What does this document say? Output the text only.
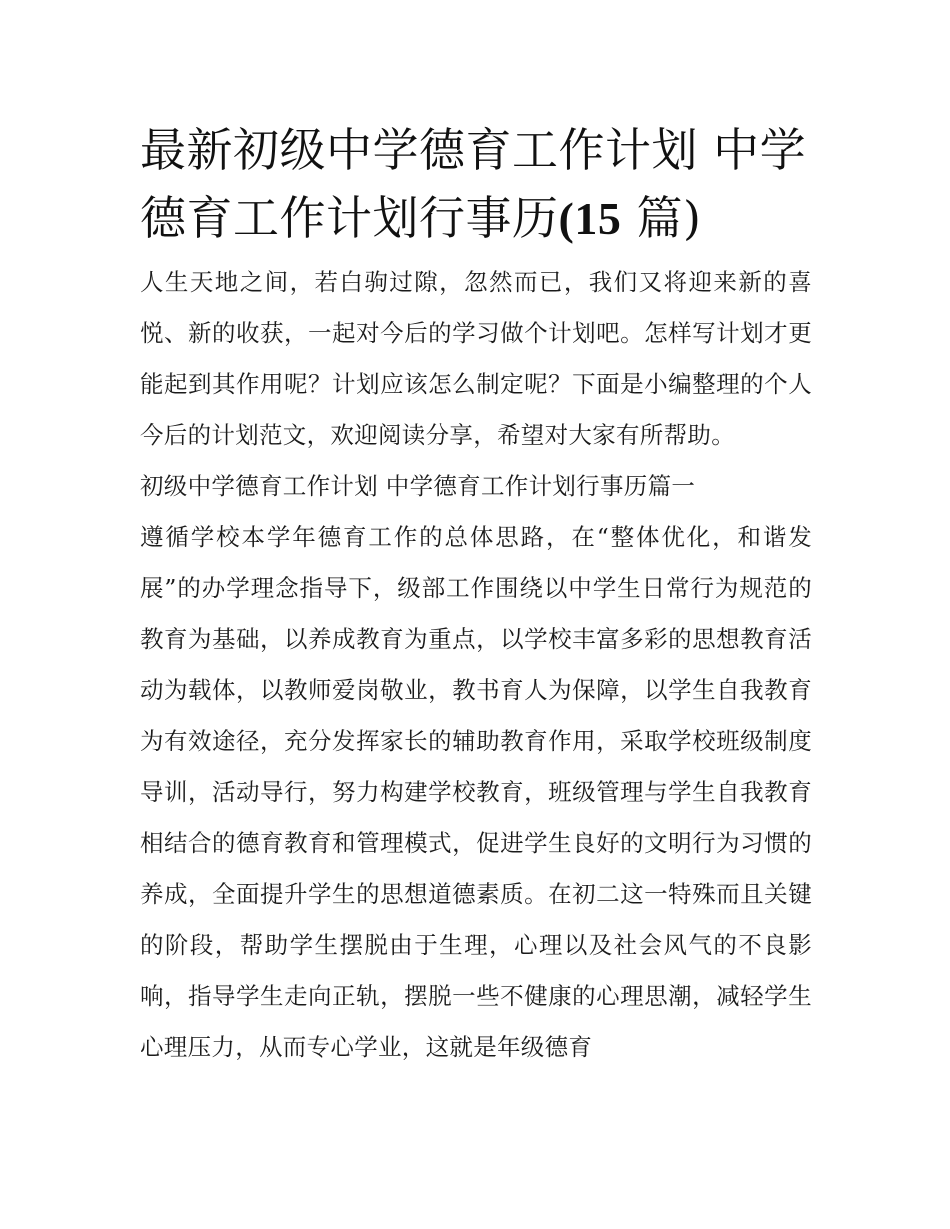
最新初级中学德育工作计划 中学德育工作计划行事历(15 篇)

人生天地之间，若白驹过隙，忽然而已，我们又将迎来新的喜悦、新的收获，一起对今后的学习做个计划吧。怎样写计划才更能起到其作用呢？计划应该怎么制定呢？下面是小编整理的个人今后的计划范文，欢迎阅读分享，希望对大家有所帮助。

初级中学德育工作计划 中学德育工作计划行事历篇一

遵循学校本学年德育工作的总体思路，在“整体优化，和谐发展”的办学理念指导下，级部工作围绕以中学生日常行为规范的教育为基础，以养成教育为重点，以学校丰富多彩的思想教育活动为载体，以教师爱岗敬业，教书育人为保障，以学生自我教育为有效途径，充分发挥家长的辅助教育作用，采取学校班级制度导训，活动导行，努力构建学校教育，班级管理与学生自我教育相结合的德育教育和管理模式，促进学生良好的文明行为习惯的养成，全面提升学生的思想道德素质。在初二这一特殊而且关键的阶段，帮助学生摆脱由于生理，心理以及社会风气的不良影响，指导学生走向正轨，摆脱一些不健康的心理思潮，减轻学生心理压力，从而专心学业，这就是年级德育
